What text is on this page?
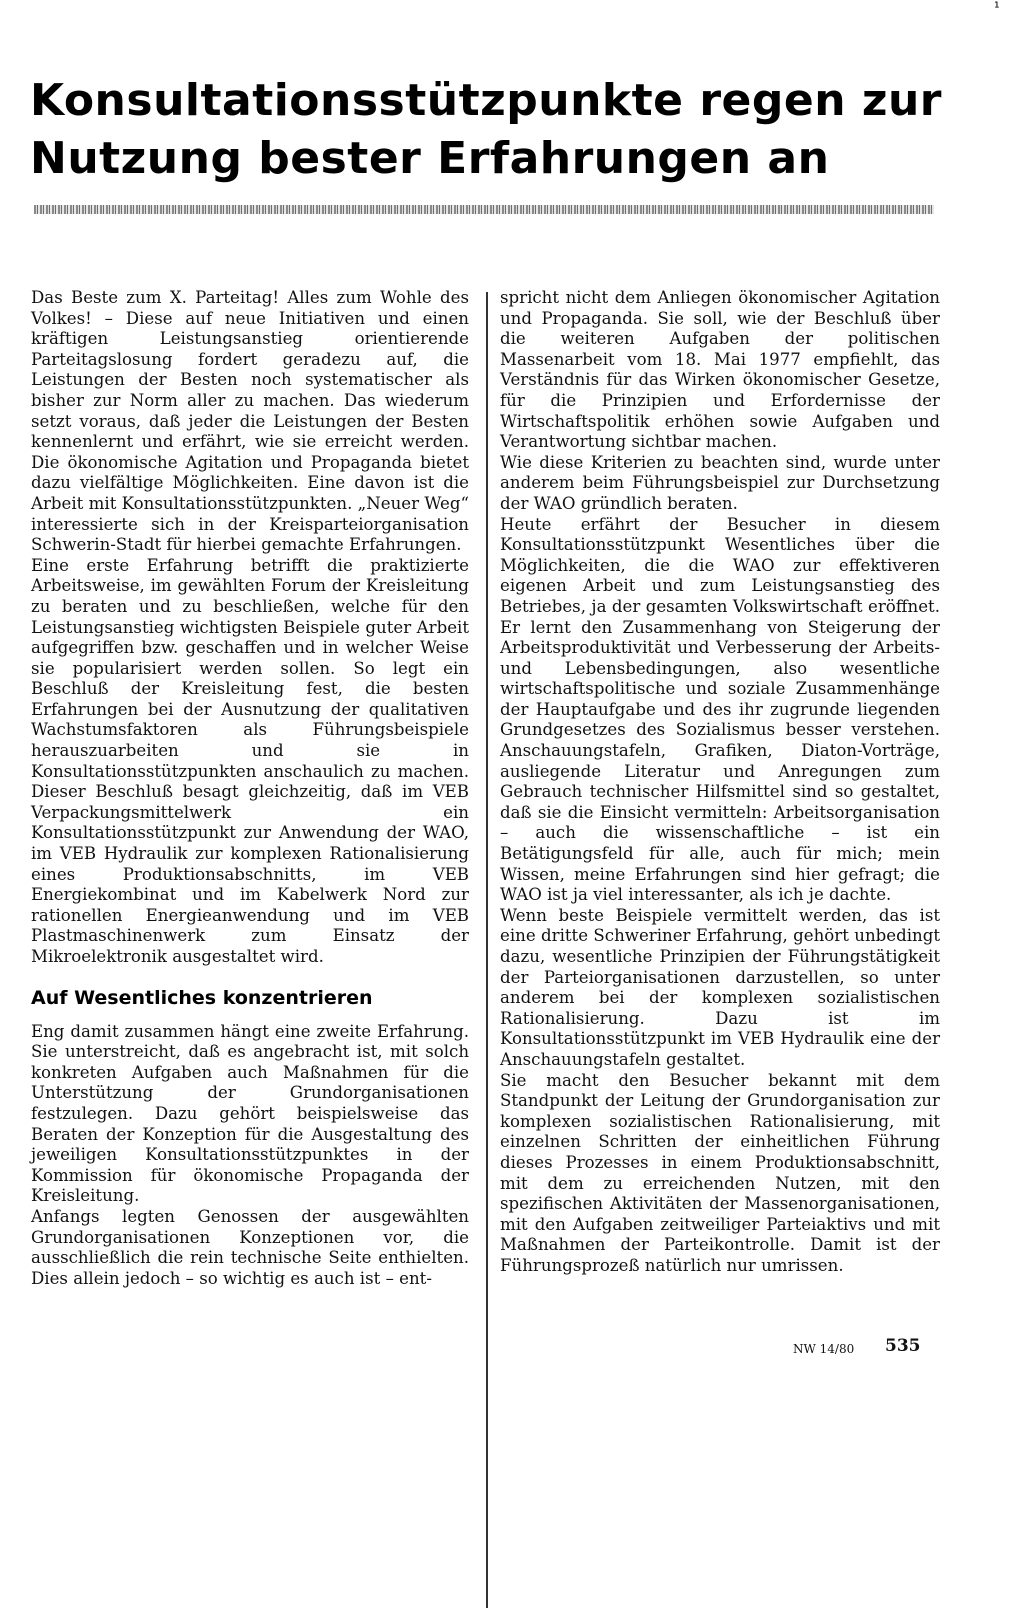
¹
Konsultationsstützpunkte regen zur
Nutzung bester Erfahrungen an

Das Beste zum X. Parteitag! Alles zum Wohle des Volkes! – Diese auf neue Initiativen und einen kräftigen Leistungsanstieg orientierende Parteitagslosung fordert geradezu auf, die Leistungen der Besten noch systematischer als bisher zur Norm aller zu machen. Das wiederum setzt voraus, daß jeder die Leistungen der Besten kennenlernt und erfährt, wie sie erreicht werden. Die ökonomische Agitation und Propaganda bietet dazu vielfältige Möglichkeiten. Eine davon ist die Arbeit mit Konsultationsstützpunkten. „Neuer Weg“ interessierte sich in der Kreisparteiorganisation Schwerin-Stadt für hierbei gemachte Erfahrungen.

Eine erste Erfahrung betrifft die praktizierte Arbeitsweise, im gewählten Forum der Kreisleitung zu beraten und zu beschließen, welche für den Leistungsanstieg wichtigsten Beispiele guter Arbeit aufgegriffen bzw. geschaffen und in welcher Weise sie popularisiert werden sollen. So legt ein Beschluß der Kreisleitung fest, die besten Erfahrungen bei der Ausnutzung der qualitativen Wachstumsfaktoren als Führungsbeispiele herauszuarbeiten und sie in Konsultationsstützpunkten anschaulich zu machen. Dieser Beschluß besagt gleichzeitig, daß im VEB Verpackungsmittelwerk ein Konsultationsstützpunkt zur Anwendung der WAO, im VEB Hydraulik zur komplexen Rationalisierung eines Produktionsabschnitts, im VEB Energiekombinat und im Kabelwerk Nord zur rationellen Energieanwendung und im VEB Plastmaschinenwerk zum Einsatz der Mikroelektronik ausgestaltet wird.

Auf Wesentliches konzentrieren

Eng damit zusammen hängt eine zweite Erfahrung. Sie unterstreicht, daß es angebracht ist, mit solch konkreten Aufgaben auch Maßnahmen für die Unterstützung der Grundorganisationen festzulegen. Dazu gehört beispielsweise das Beraten der Konzeption für die Ausgestaltung des jeweiligen Konsultationsstützpunktes in der Kommission für ökonomische Propaganda der Kreisleitung.

Anfangs legten Genossen der ausgewählten Grundorganisationen Konzeptionen vor, die ausschließlich die rein technische Seite enthielten. Dies allein jedoch – so wichtig es auch ist – ent-

spricht nicht dem Anliegen ökonomischer Agitation und Propaganda. Sie soll, wie der Beschluß über die weiteren Aufgaben der politischen Massenarbeit vom 18. Mai 1977 empfiehlt, das Verständnis für das Wirken ökonomischer Gesetze, für die Prinzipien und Erfordernisse der Wirtschaftspolitik erhöhen sowie Aufgaben und Verantwortung sichtbar machen.

Wie diese Kriterien zu beachten sind, wurde unter anderem beim Führungsbeispiel zur Durchsetzung der WAO gründlich beraten.

Heute erfährt der Besucher in diesem Konsultationsstützpunkt Wesentliches über die Möglichkeiten, die die WAO zur effektiveren eigenen Arbeit und zum Leistungsanstieg des Betriebes, ja der gesamten Volkswirtschaft eröffnet. Er lernt den Zusammenhang von Steigerung der Arbeitsproduktivität und Verbesserung der Arbeits- und Lebensbedingungen, also wesentliche wirtschaftspolitische und soziale Zusammenhänge der Hauptaufgabe und des ihr zugrunde liegenden Grundgesetzes des Sozialismus besser verstehen. Anschauungstafeln, Grafiken, Diaton-Vorträge, ausliegende Literatur und Anregungen zum Gebrauch technischer Hilfsmittel sind so gestaltet, daß sie die Einsicht vermitteln: Arbeitsorganisation – auch die wissenschaftliche – ist ein Betätigungsfeld für alle, auch für mich; mein Wissen, meine Erfahrungen sind hier gefragt; die WAO ist ja viel interessanter, als ich je dachte.

Wenn beste Beispiele vermittelt werden, das ist eine dritte Schweriner Erfahrung, gehört unbedingt dazu, wesentliche Prinzipien der Führungstätigkeit der Parteiorganisationen darzustellen, so unter anderem bei der komplexen sozialistischen Rationalisierung. Dazu ist im Konsultationsstützpunkt im VEB Hydraulik eine der Anschauungstafeln gestaltet.

Sie macht den Besucher bekannt mit dem Standpunkt der Leitung der Grundorganisation zur komplexen sozialistischen Rationalisierung, mit einzelnen Schritten der einheitlichen Führung dieses Prozesses in einem Produktionsabschnitt, mit dem zu erreichenden Nutzen, mit den spezifischen Aktivitäten der Massenorganisationen, mit den Aufgaben zeitweiliger Parteiaktivs und mit Maßnahmen der Parteikontrolle. Damit ist der Führungsprozeß natürlich nur umrissen.

NW 14/80 535
